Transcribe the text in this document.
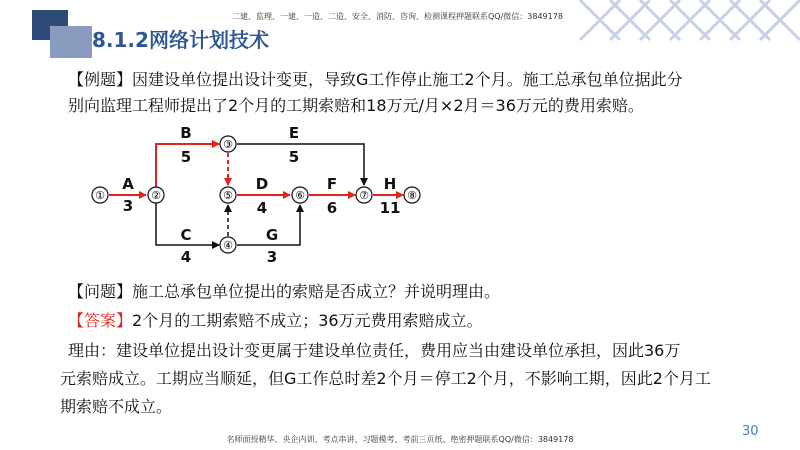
8.1.2网络计划技术
二建、监理、一建、一造、二造、安全、消防、咨询、检测课程押题联系QQ/微信：3849178
【例题】因建设单位提出设计变更，导致G工作停止施工2个月。施工总承包单位据此分
别向监理工程师提出了2个月的工期索赔和18万元/月×2月＝36万元的费用索赔。
①	②
③
④
⑤	⑥	⑦	⑧
A
3
B
5
C
4
D
4
E
5
F
6
G
3
H
11
【问题】施工总承包单位提出的索赔是否成立？并说明理由。
【答案】2个月的工期索赔不成立；36万元费用索赔成立。
理由：建设单位提出设计变更属于建设单位责任，费用应当由建设单位承担，因此36万
元索赔成立。工期应当顺延，但G工作总时差2个月＝停工2个月，不影响工期，因此2个月工
期索赔不成立。
名师面授精华、央企内训、考点串讲、习题模考、考前三页纸、绝密押题联系QQ/微信：3849178
30
